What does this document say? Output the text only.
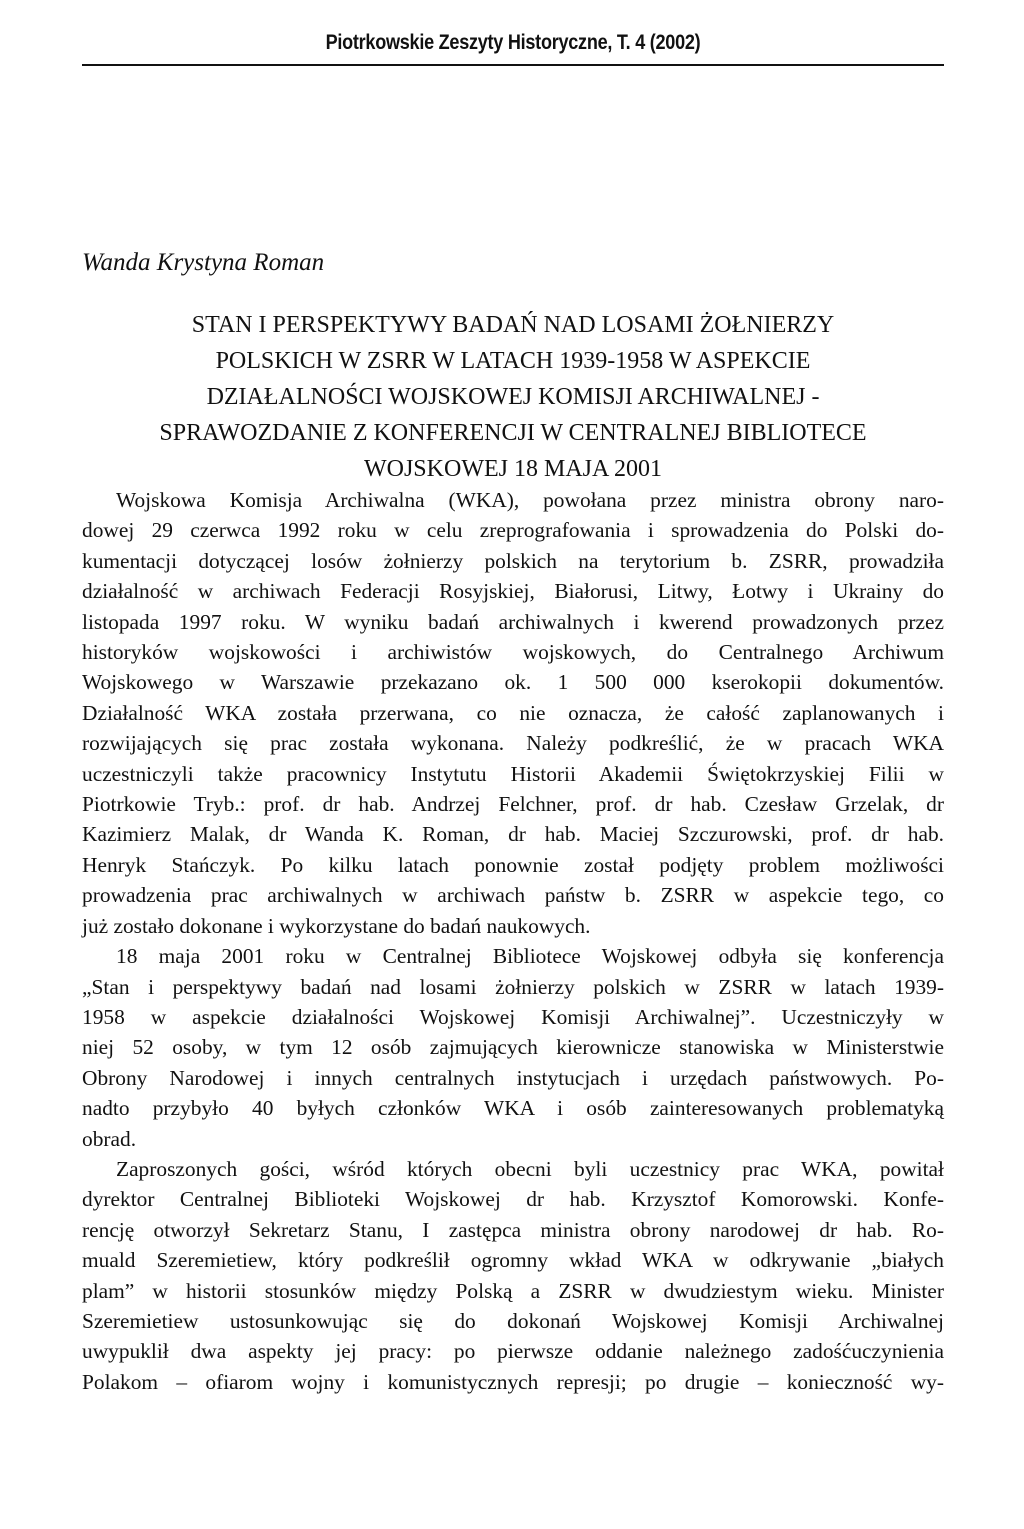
Piotrkowskie Zeszyty Historyczne, T. 4 (2002)
Wanda Krystyna Roman
STAN I PERSPEKTYWY BADAŃ NAD LOSAMI ŻOŁNIERZY
POLSKICH W ZSRR W LATACH 1939-1958 W ASPEKCIE
DZIAŁALNOŚCI WOJSKOWEJ KOMISJI ARCHIWALNEJ -
SPRAWOZDANIE Z KONFERENCJI W CENTRALNEJ BIBLIOTECE
WOJSKOWEJ 18 MAJA 2001

Wojskowa Komisja Archiwalna (WKA), powołana przez ministra obrony naro-
dowej 29 czerwca 1992 roku w celu zreprografowania i sprowadzenia do Polski do-
kumentacji dotyczącej losów żołnierzy polskich na terytorium b. ZSRR, prowadziła
działalność w archiwach Federacji Rosyjskiej, Białorusi, Litwy, Łotwy i Ukrainy do
listopada 1997 roku. W wyniku badań archiwalnych i kwerend prowadzonych przez
historyków wojskowości i archiwistów wojskowych, do Centralnego Archiwum
Wojskowego w Warszawie przekazano ok. 1 500 000 kserokopii dokumentów.
Działalność WKA została przerwana, co nie oznacza, że całość zaplanowanych i
rozwijających się prac została wykonana. Należy podkreślić, że w pracach WKA
uczestniczyli także pracownicy Instytutu Historii Akademii Świętokrzyskiej Filii w
Piotrkowie Tryb.: prof. dr hab. Andrzej Felchner, prof. dr hab. Czesław Grzelak, dr
Kazimierz Malak, dr Wanda K. Roman, dr hab. Maciej Szczurowski, prof. dr hab.
Henryk Stańczyk. Po kilku latach ponownie został podjęty problem możliwości
prowadzenia prac archiwalnych w archiwach państw b. ZSRR w aspekcie tego, co
już zostało dokonane i wykorzystane do badań naukowych.

18 maja 2001 roku w Centralnej Bibliotece Wojskowej odbyła się konferencja
„Stan i perspektywy badań nad losami żołnierzy polskich w ZSRR w latach 1939-
1958 w aspekcie działalności Wojskowej Komisji Archiwalnej”. Uczestniczyły w
niej 52 osoby, w tym 12 osób zajmujących kierownicze stanowiska w Ministerstwie
Obrony Narodowej i innych centralnych instytucjach i urzędach państwowych. Po-
nadto przybyło 40 byłych członków WKA i osób zainteresowanych problematyką
obrad.

Zaproszonych gości, wśród których obecni byli uczestnicy prac WKA, powitał
dyrektor Centralnej Biblioteki Wojskowej dr hab. Krzysztof Komorowski. Konfe-
rencję otworzył Sekretarz Stanu, I zastępca ministra obrony narodowej dr hab. Ro-
muald Szeremietiew, który podkreślił ogromny wkład WKA w odkrywanie „białych
plam” w historii stosunków między Polską a ZSRR w dwudziestym wieku. Minister
Szeremietiew ustosunkowując się do dokonań Wojskowej Komisji Archiwalnej
uwypuklił dwa aspekty jej pracy: po pierwsze oddanie należnego zadośćuczynienia
Polakom – ofiarom wojny i komunistycznych represji; po drugie – konieczność wy-
